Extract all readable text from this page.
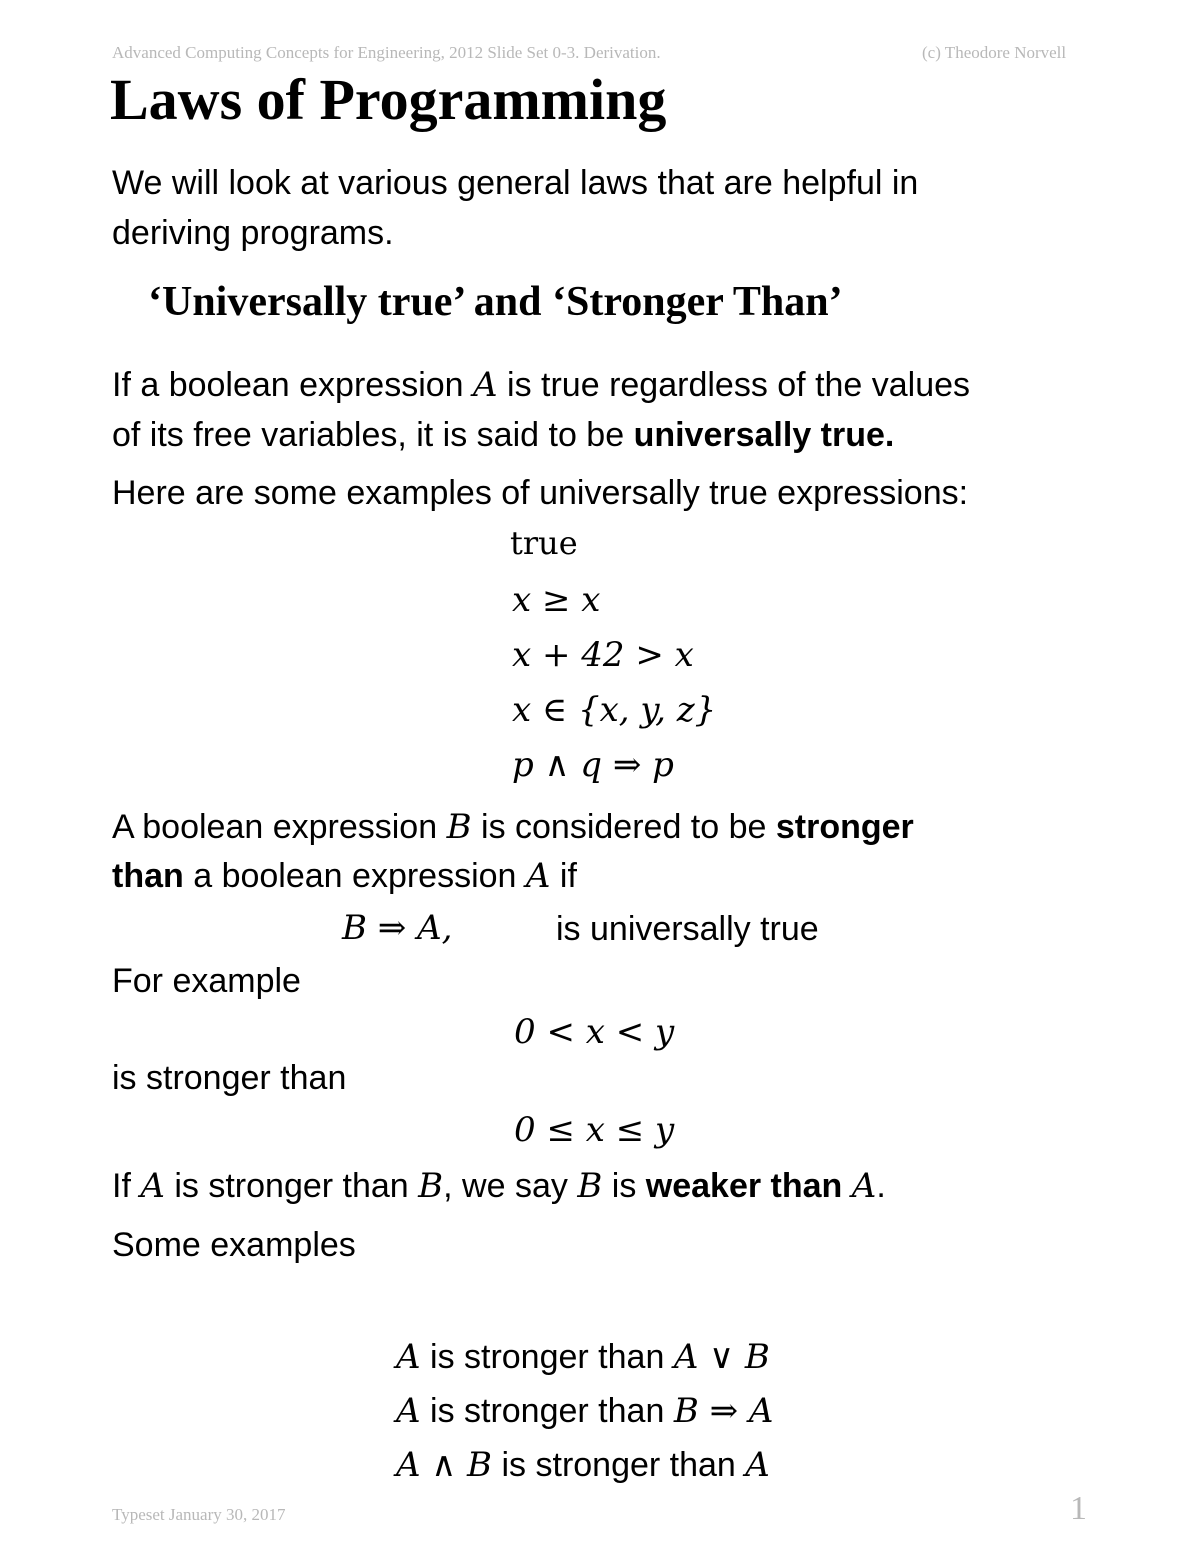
Advanced Computing Concepts for Engineering, 2012 Slide Set 0-3. Derivation.	(c) Theodore Norvell
Laws of Programming
We will look at various general laws that are helpful in
deriving programs.
‘Universally true’ and ‘Stronger Than’
If a boolean expression A is true regardless of the values
of its free variables, it is said to be universally true.
Here are some examples of universally true expressions:
true
x ≥ x
x + 42 > x
x ∈ {x, y, z}
p ∧ q ⇒ p
A boolean expression B is considered to be stronger
than a boolean expression A if
B ⇒ A,	is universally true
For example
0 < x < y
is stronger than
0 ≤ x ≤ y
If A is stronger than B, we say B is weaker than A.
Some examples
A is stronger than A ∨ B
A is stronger than B ⇒ A
A ∧ B is stronger than A
Typeset January 30, 2017	1
